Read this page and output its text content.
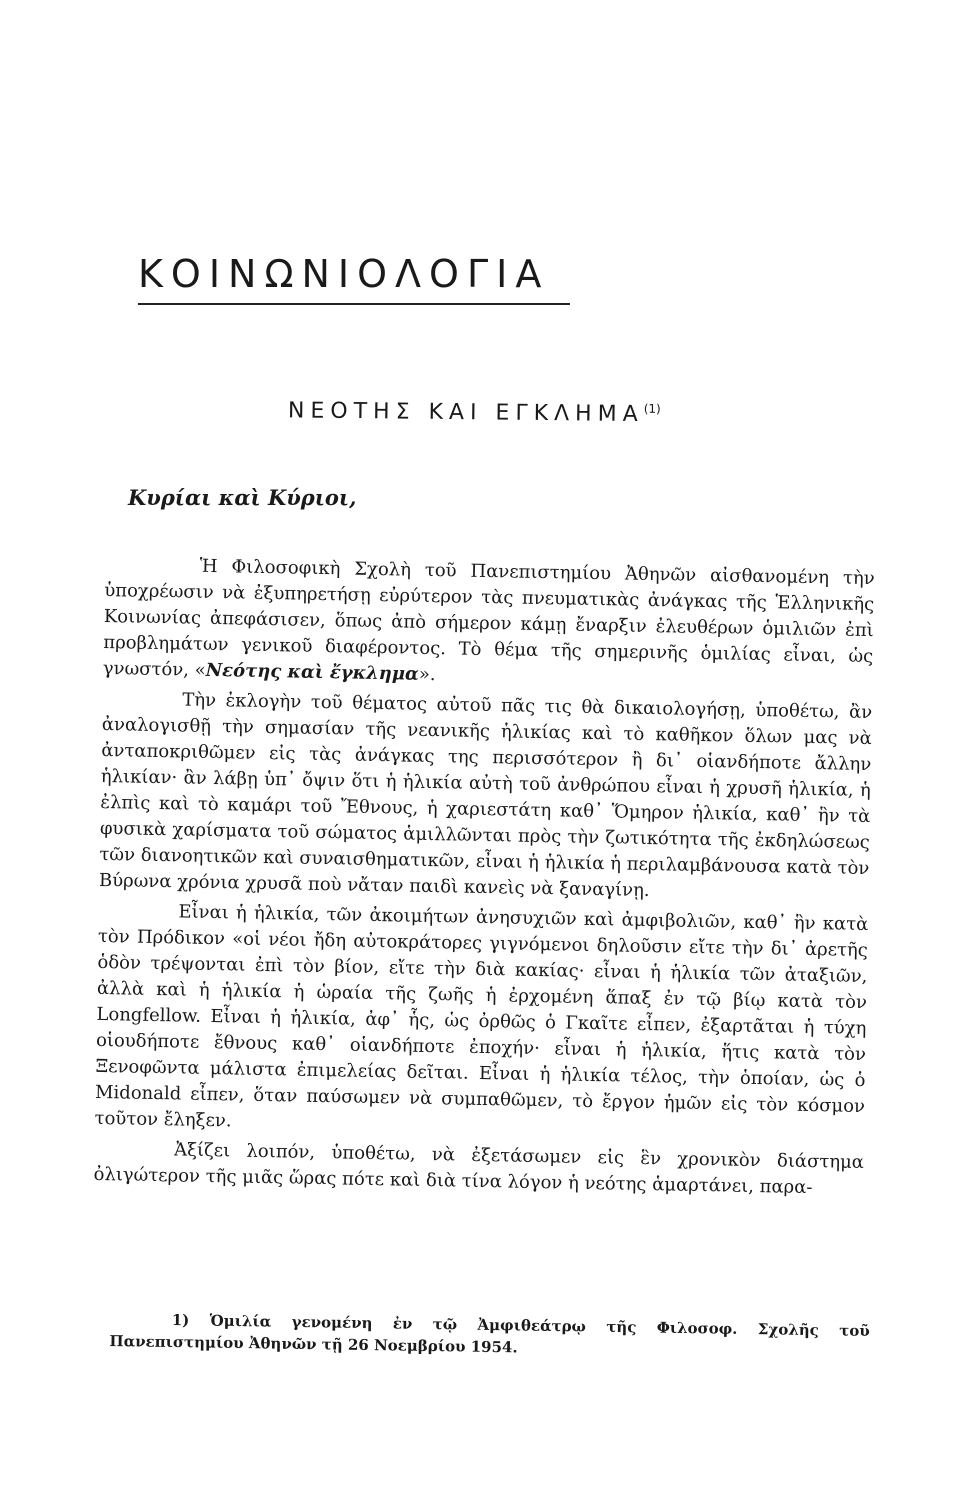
ΚΟΙΝΩΝΙΟΛΟΓΙΑ
ΝΕΟΤΗΣ ΚΑΙ ΕΓΚΛΗΜΑ$^{(1)}$

Κυρίαι καὶ Κύριοι,

Ἡ Φιλοσοφικὴ Σχολὴ τοῦ Πανεπιστημίου Ἀθηνῶν αἰσθανομένη τὴν ὑποχρέωσιν νὰ ἐξυπηρετήσῃ εὐρύτερον τὰς πνευματικὰς ἀνάγκας τῆς Ἑλληνικῆς Κοινωνίας ἀπεφάσισεν, ὅπως ἀπὸ σήμερον κάμῃ ἔναρξιν ἐλευθέρων ὁμιλιῶν ἐπὶ προβλημάτων γενικοῦ διαφέροντος. Τὸ θέμα τῆς σημερινῆς ὁμιλίας εἶναι, ὡς γνωστόν, «Νεότης καὶ ἔγκλημα».

Τὴν ἐκλογὴν τοῦ θέματος αὐτοῦ πᾶς τις θὰ δικαιολογήσῃ, ὑποθέτω, ἂν ἀναλογισθῇ τὴν σημασίαν τῆς νεανικῆς ἡλικίας καὶ τὸ καθῆκον ὅλων μας νὰ ἀνταποκριθῶμεν εἰς τὰς ἀνάγκας της περισσότερον ἢ δι᾿ οἱανδήποτε ἄλλην ἡλικίαν· ἂν λάβῃ ὑπ᾿ ὄψιν ὅτι ἡ ἡλικία αὐτὴ τοῦ ἀνθρώπου εἶναι ἡ χρυσῆ ἡλικία, ἡ ἐλπὶς καὶ τὸ καμάρι τοῦ Ἔθνους, ἡ χαριεστάτη καθ᾿ Ὅμηρον ἡλικία, καθ᾿ ἣν τὰ φυσικὰ χαρίσματα τοῦ σώματος ἁμιλλῶνται πρὸς τὴν ζωτικότητα τῆς ἐκδηλώσεως τῶν διανοητικῶν καὶ συναισθηματικῶν, εἶναι ἡ ἡλικία ἡ περιλαμβάνουσα κατὰ τὸν Βύρωνα χρόνια χρυσᾶ ποὺ νἄταν παιδὶ κανεὶς νὰ ξαναγίνῃ.

Εἶναι ἡ ἡλικία, τῶν ἀκοιμήτων ἀνησυχιῶν καὶ ἀμφιβολιῶν, καθ᾿ ἣν κατὰ τὸν Πρόδικον «οἱ νέοι ἤδη αὐτοκράτορες γιγνόμενοι δηλοῦσιν εἴτε τὴν δι᾿ ἀρετῆς ὁδὸν τρέψονται ἐπὶ τὸν βίον, εἴτε τὴν διὰ κακίας· εἶναι ἡ ἡλικία τῶν ἀταξιῶν, ἀλλὰ καὶ ἡ ἡλικία ἡ ὡραία τῆς ζωῆς ἡ ἐρχομένη ἅπαξ ἐν τῷ βίῳ κατὰ τὸν Longfellow. Εἶναι ἡ ἡλικία, ἀφ᾿ ἧς, ὡς ὀρθῶς ὁ Γκαῖτε εἶπεν, ἐξαρτᾶται ἡ τύχη οἱουδήποτε ἔθνους καθ᾿ οἱανδήποτε ἐποχήν· εἶναι ἡ ἡλικία, ἥτις κατὰ τὸν Ξενοφῶντα μάλιστα ἐπιμελείας δεῖται. Εἶναι ἡ ἡλικία τέλος, τὴν ὁποίαν, ὡς ὁ Midonald εἶπεν, ὅταν παύσωμεν νὰ συμπαθῶμεν, τὸ ἔργον ἡμῶν εἰς τὸν κόσμον τοῦτον ἔληξεν.

Ἀξίζει λοιπόν, ὑποθέτω, νὰ ἐξετάσωμεν εἰς ἓν χρονικὸν διάστημα ὀλιγώτερον τῆς μιᾶς ὥρας πότε καὶ διὰ τίνα λόγον ἡ νεότης ἁμαρτάνει, παρα-

1) Ὁμιλία γενομένη ἐν τῷ Ἀμφιθεάτρῳ τῆς Φιλοσοφ. Σχολῆς τοῦ Πανεπιστημίου Ἀθηνῶν τῇ 26 Νοεμβρίου 1954.
